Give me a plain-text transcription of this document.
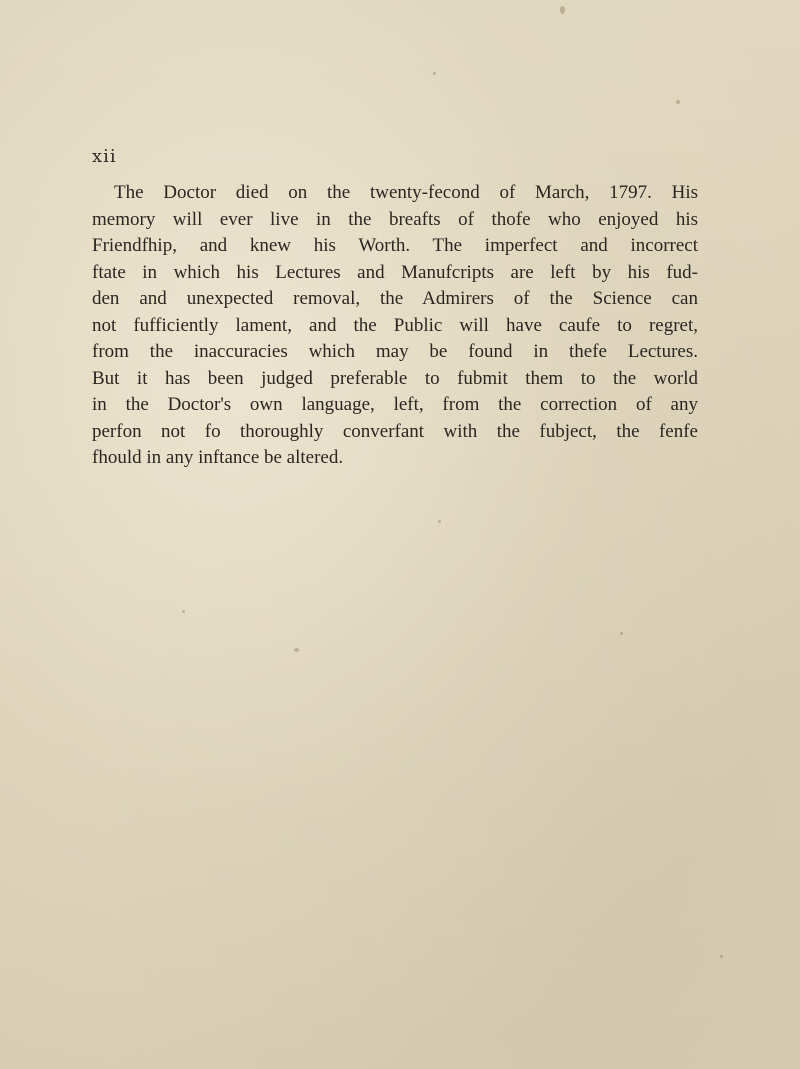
xii

The Doctor died on the twenty-fecond of March, 1797. His
memory will ever live in the breafts of thofe who enjoyed his
Friendfhip, and knew his Worth. The imperfect and incorrect
ftate in which his Lectures and Manufcripts are left by his fud-
den and unexpected removal, the Admirers of the Science can
not fufficiently lament, and the Public will have caufe to regret,
from the inaccuracies which may be found in thefe Lectures.
But it has been judged preferable to fubmit them to the world
in the Doctor's own language, left, from the correction of any
perfon not fo thoroughly converfant with the fubject, the fenfe
fhould in any inftance be altered.
